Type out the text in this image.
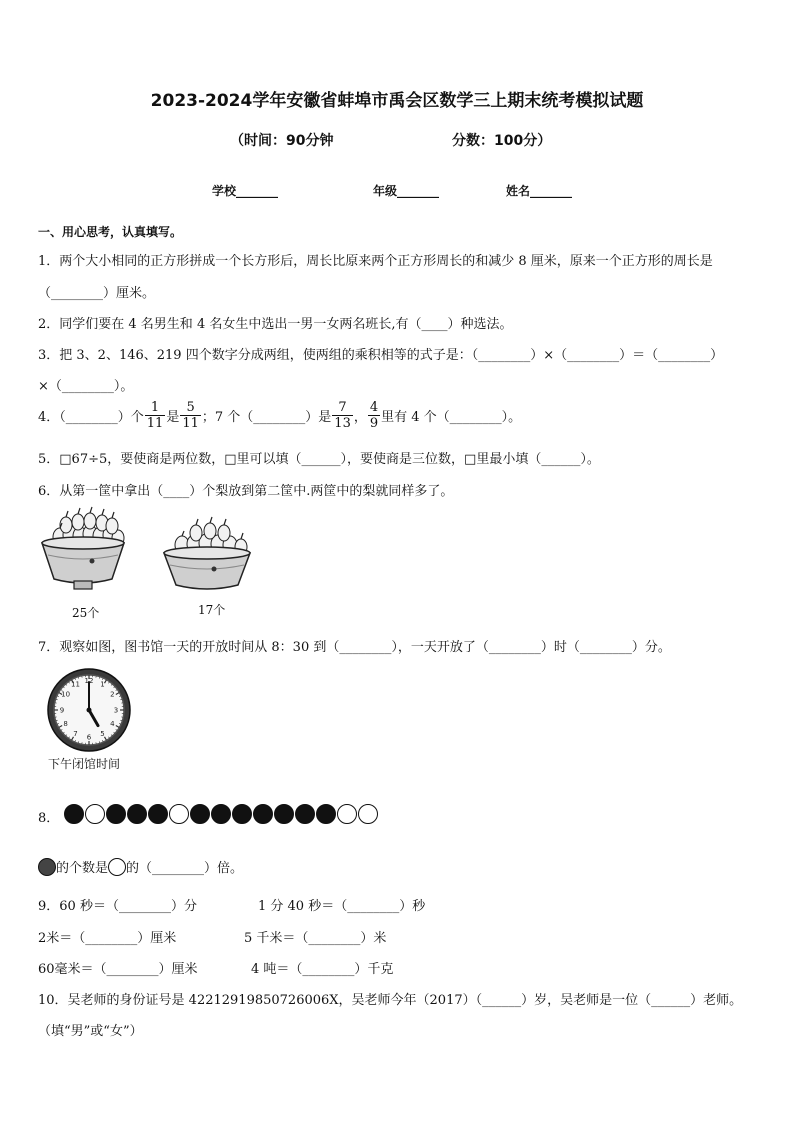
2023-2024学年安徽省蚌埠市禹会区数学三上期末统考模拟试题
（时间：90分钟	分数：100分）
学校_______	年级_______	姓名_______
一、用心思考，认真填写。
1．两个大小相同的正方形拼成一个长方形后，周长比原来两个正方形周长的和减少 8 厘米，原来一个正方形的周长是
（________）厘米。
2．同学们要在 4 名男生和 4 名女生中选出一男一女两名班长,有（____）种选法。
3．把 3、2、146、219 四个数字分成两组，使两组的乘积相等的式子是：（________）×（________）＝（________）
×（________）。
4．（________）个 $\frac{1}{11}$ 是 $\frac{5}{11}$ ；7 个（________）是 $\frac{7}{13}$ ， $\frac{4}{9}$ 里有 4 个（________）。
5．□67÷5，要使商是两位数，□里可以填（______），要使商是三位数，□里最小填（______）。
6．从第一筐中拿出（____）个梨放到第二筐中.两筐中的梨就同样多了。
25个	17个
7．观察如图，图书馆一天的开放时间从 8：30 到（________），一天开放了（________）时（________）分。
12 1
2
3
4
5
6
7
8
9
10
11
下午闭馆时间
8．
的个数是 的（________）倍。
9．60 秒＝（________）分	1 分 40 秒＝（________）秒
2米＝（________）厘米	5 千米＝（________）米
60毫米＝（________）厘米	4 吨＝（________）千克
10．吴老师的身份证号是 42212919850726006X，吴老师今年（2017）（______）岁，吴老师是一位（______）老师。
（填“男”或“女”）
